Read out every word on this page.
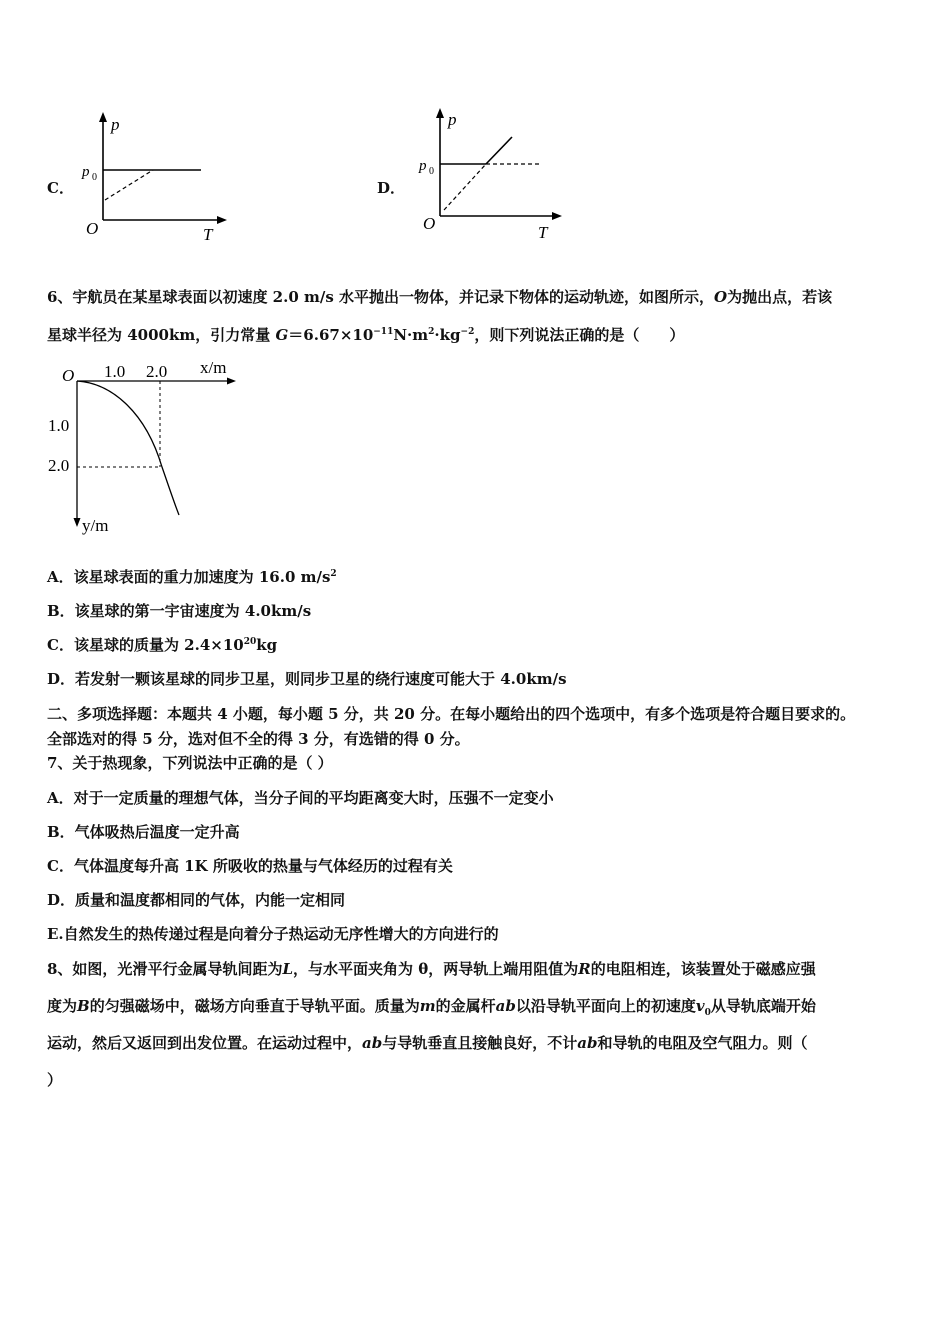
C．
p
p 0
O	T
D．
p
p 0
O	T
6、宇航员在某星球表面以初速度 2.0 m/s 水平抛出一物体，并记录下物体的运动轨迹，如图所示，O为抛出点，若该
星球半径为 4000km，引力常量 $G=6.67\times 10^{-11}N\cdot m^2\cdot kg^{-2}$，则下列说法正确的是（　　）
O 1.0 2.0 x/m
1.0
2.0
y/m
A．该星球表面的重力加速度为 16.0 $m/s^2$
B．该星球的第一宇宙速度为 4.0km/s
C．该星球的质量为 $2.4\times 10^{20}kg$
D．若发射一颗该星球的同步卫星，则同步卫星的绕行速度可能大于 4.0km/s
二、多项选择题：本题共 4 小题，每小题 5 分，共 20 分。在每小题给出的四个选项中，有多个选项是符合题目要求的。
全部选对的得 5 分，选对但不全的得 3 分，有选错的得 0 分。
7、关于热现象，下列说法中正确的是（ ）
A．对于一定质量的理想气体，当分子间的平均距离变大时，压强不一定变小
B．气体吸热后温度一定升高
C．气体温度每升高 1K 所吸收的热量与气体经历的过程有关
D．质量和温度都相同的气体，内能一定相同
E.自然发生的热传递过程是向着分子热运动无序性增大的方向进行的
8、如图，光滑平行金属导轨间距为L，与水平面夹角为 θ，两导轨上端用阻值为R的电阻相连，该装置处于磁感应强
度为B的匀强磁场中，磁场方向垂直于导轨平面。质量为m的金属杆ab以沿导轨平面向上的初速度$v_0$从导轨底端开始
运动，然后又返回到出发位置。在运动过程中，ab与导轨垂直且接触良好，不计ab和导轨的电阻及空气阻力。则（
）
